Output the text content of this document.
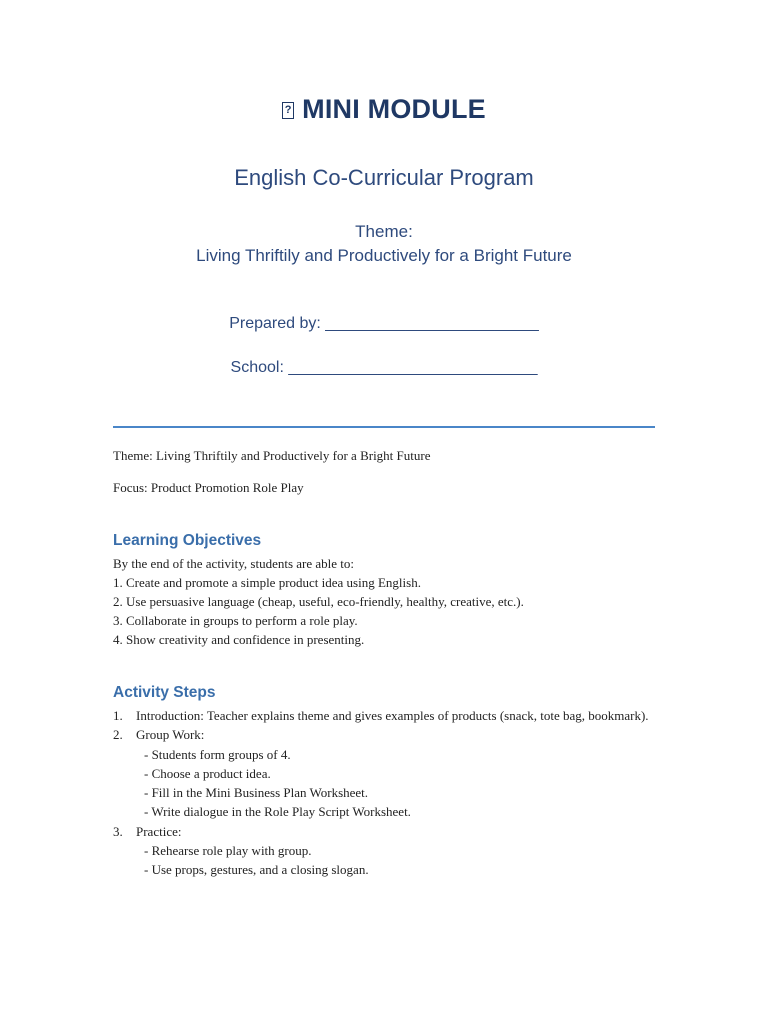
? MINI MODULE
English Co-Curricular Program
Theme:
Living Thriftily and Productively for a Bright Future
Prepared by: ________________________
School: ____________________________
Theme: Living Thriftily and Productively for a Bright Future
Focus: Product Promotion Role Play
Learning Objectives
By the end of the activity, students are able to:
1. Create and promote a simple product idea using English.
2. Use persuasive language (cheap, useful, eco-friendly, healthy, creative, etc.).
3. Collaborate in groups to perform a role play.
4. Show creativity and confidence in presenting.
Activity Steps
1. Introduction: Teacher explains theme and gives examples of products (snack, tote bag, bookmark).
2. Group Work:
- Students form groups of 4.
- Choose a product idea.
- Fill in the Mini Business Plan Worksheet.
- Write dialogue in the Role Play Script Worksheet.
3. Practice:
- Rehearse role play with group.
- Use props, gestures, and a closing slogan.
